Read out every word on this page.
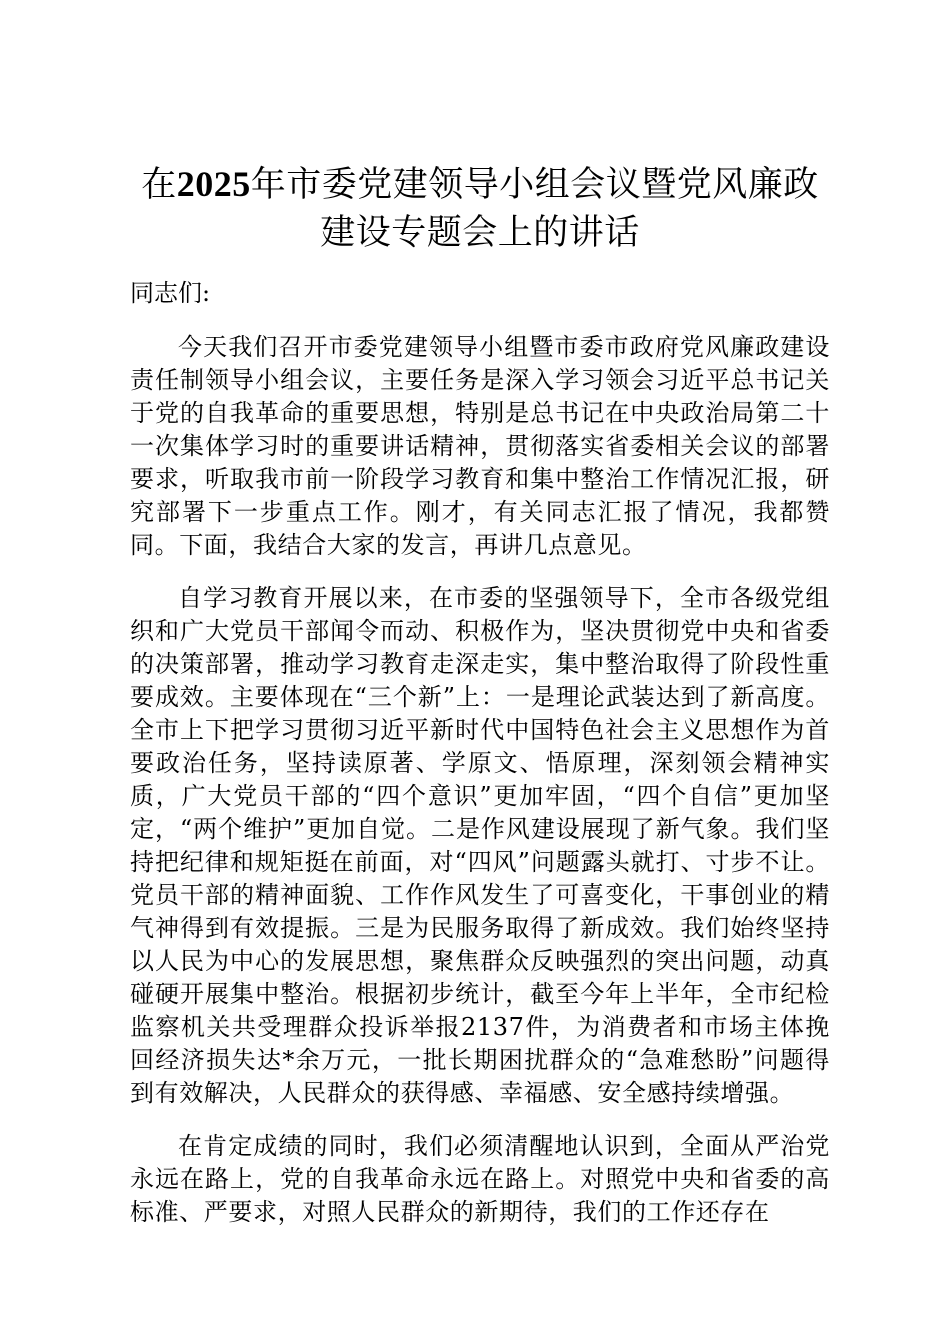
在2025年市委党建领导小组会议暨党风廉政
建设专题会上的讲话

同志们:

今天我们召开市委党建领导小组暨市委市政府党风廉政建设责任制领导小组会议，主要任务是深入学习领会习近平总书记关于党的自我革命的重要思想，特别是总书记在中央政治局第二十一次集体学习时的重要讲话精神，贯彻落实省委相关会议的部署要求，听取我市前一阶段学习教育和集中整治工作情况汇报，研究部署下一步重点工作。刚才，有关同志汇报了情况，我都赞同。下面，我结合大家的发言，再讲几点意见。

自学习教育开展以来，在市委的坚强领导下，全市各级党组织和广大党员干部闻令而动、积极作为，坚决贯彻党中央和省委的决策部署，推动学习教育走深走实，集中整治取得了阶段性重要成效。主要体现在“三个新”上：一是理论武装达到了新高度。全市上下把学习贯彻习近平新时代中国特色社会主义思想作为首要政治任务，坚持读原著、学原文、悟原理，深刻领会精神实质，广大党员干部的“四个意识”更加牢固，“四个自信”更加坚定，“两个维护”更加自觉。二是作风建设展现了新气象。我们坚持把纪律和规矩挺在前面，对“四风”问题露头就打、寸步不让。党员干部的精神面貌、工作作风发生了可喜变化，干事创业的精气神得到有效提振。三是为民服务取得了新成效。我们始终坚持以人民为中心的发展思想，聚焦群众反映强烈的突出问题，动真碰硬开展集中整治。根据初步统计，截至今年上半年，全市纪检监察机关共受理群众投诉举报2137件，为消费者和市场主体挽回经济损失达*余万元，一批长期困扰群众的“急难愁盼”问题得到有效解决，人民群众的获得感、幸福感、安全感持续增强。

在肯定成绩的同时，我们必须清醒地认识到，全面从严治党永远在路上，党的自我革命永远在路上。对照党中央和省委的高标准、严要求，对照人民群众的新期待，我们的工作还存在
